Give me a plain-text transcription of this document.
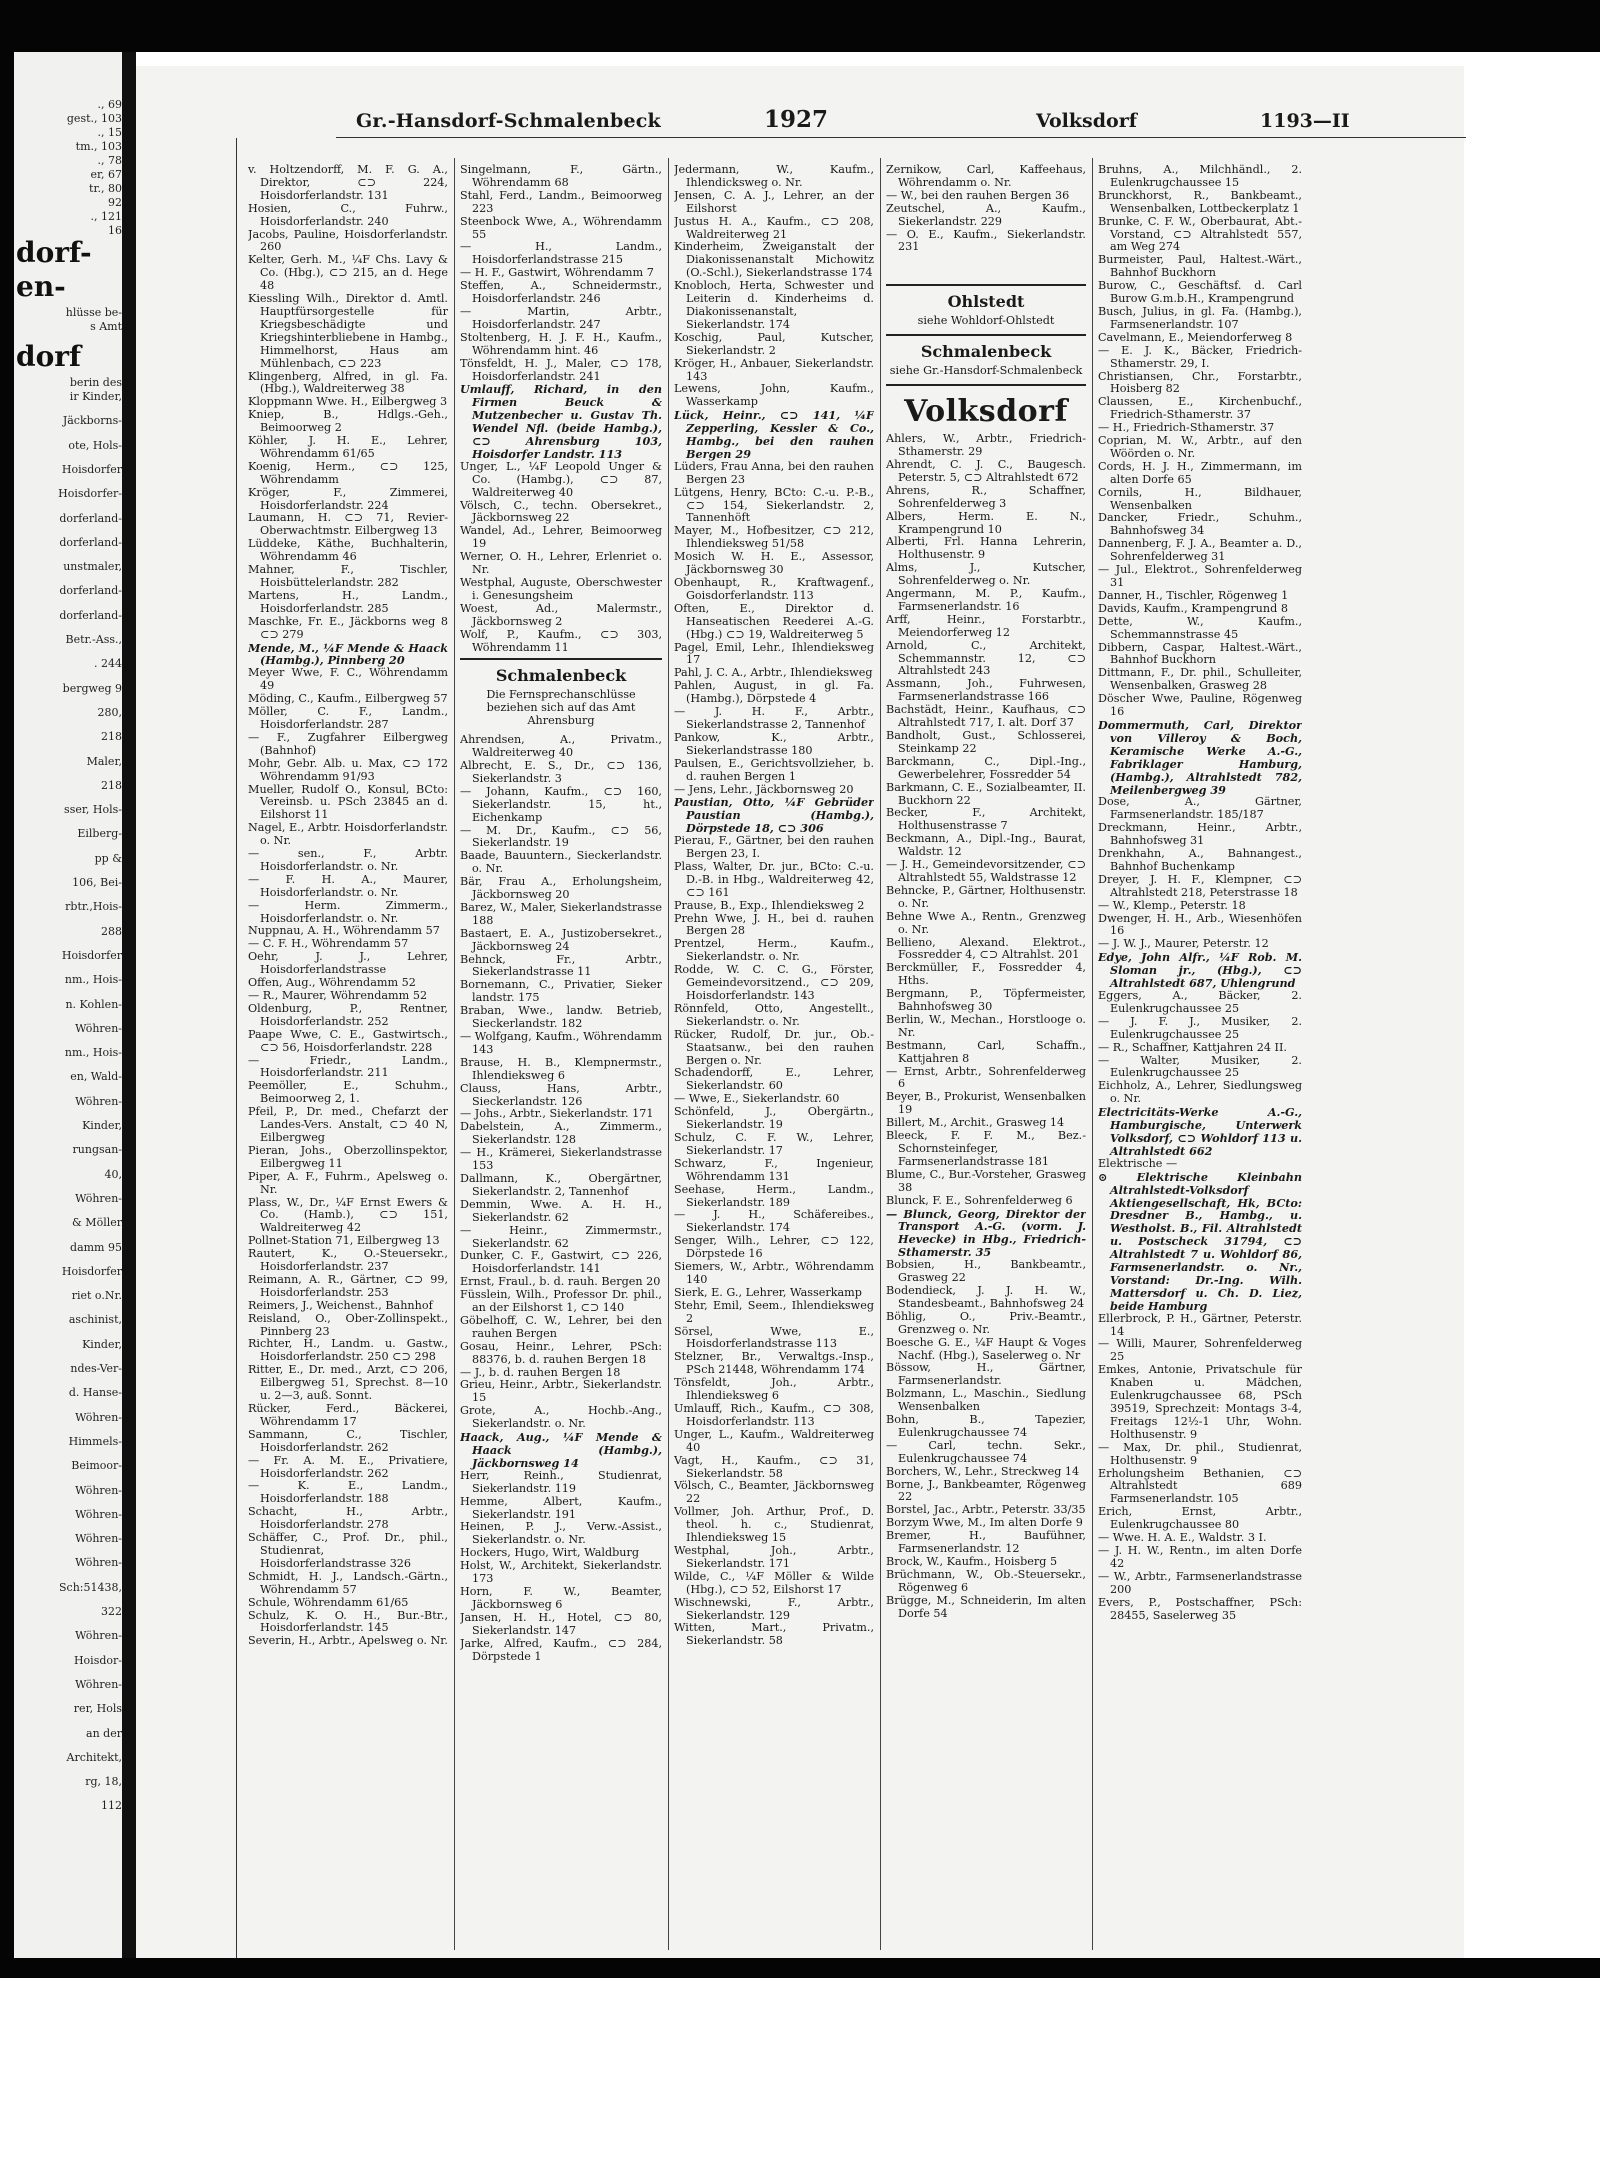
., 69
gest., 103
., 15
tm., 103
., 78
er, 67
tr., 80
92
., 121
16
dorf-
en-
hlüsse be-
s Amt
dorf
berin des
ir Kinder,
Jäckborns-
ote, Hols-
Hoisdorfer
Hoisdorfer-
dorferland-
dorferland-
unstmaler,
dorferland-
dorferland-
Betr.-Ass.,
. 244
bergweg 9
280,
218
Maler,
218
sser, Hols-
Eilberg-
pp &
106, Bei-
rbtr.,Hois-
288
Hoisdorfer
nm., Hois-
n. Kohlen-
Wöhren-
nm., Hois-
en, Wald-
Wöhren-
Kinder,
rungsan-
40,
Wöhren-
& Möller
damm 95
Hoisdorfer
riet o.Nr.
aschinist,
Kinder,
ndes-Ver-
d. Hanse-
Wöhren-
Himmels-
Beimoor-
Wöhren-
Wöhren-
Wöhren-
Wöhren-
Sch:51438,
322
Wöhren-
Hoisdor-
Wöhren-
rer, Hols
an der
Architekt,
rg, 18,
112
Gr.-Hansdorf-Schmalenbeck	1927	Volksdorf	1193—II
v. Holtzendorff, M. F. G. A., Direktor, ⊂⊃ 224, Hoisdorferlandstr. 131
Hosien, C., Fuhrw., Hoisdorferlandstr. 240
Jacobs, Pauline, Hoisdorferlandstr. 260
Kelter, Gerh. M., ¼F Chs. Lavy & Co. (Hbg.), ⊂⊃ 215, an d. Hege 48
Kiessling Wilh., Direktor d. Amtl. Hauptfürsorgestelle für Kriegsbeschädigte und Kriegshinterbliebene in Hambg., Himmelhorst, Haus am Mühlenbach, ⊂⊃ 223
Klingenberg, Alfred, in gl. Fa. (Hbg.), Waldreiterweg 38
Kloppmann Wwe. H., Eilbergweg 3
Kniep, B., Hdlgs.-Geh., Beimoorweg 2
Köhler, J. H. E., Lehrer, Wöhrendamm 61/65
Koenig, Herm., ⊂⊃ 125, Wöhrendamm
Kröger, F., Zimmerei, Hoisdorferlandstr. 224
Laumann, H. ⊂⊃ 71, Revier-Oberwachtmstr. Eilbergweg 13
Lüddeke, Käthe, Buchhalterin, Wöhrendamm 46
Mahner, F., Tischler, Hoisbüttelerlandstr. 282
Martens, H., Landm., Hoisdorferlandstr. 285
Maschke, Fr. E., Jäckborns weg 8 ⊂⊃ 279
Mende, M., ¼F Mende & Haack (Hambg.), Pinnberg 20
Meyer Wwe, F. C., Wöhrendamm 49
Möding, C., Kaufm., Eilbergweg 57
Möller, C. F., Landm., Hoisdorferlandstr. 287
— F., Zugfahrer Eilbergweg (Bahnhof)
Mohr, Gebr. Alb. u. Max, ⊂⊃ 172 Wöhrendamm 91/93
Mueller, Rudolf O., Konsul, BCto: Vereinsb. u. PSch 23845 an d. Eilshorst 11
Nagel, E., Arbtr. Hoisdorferlandstr. o. Nr.
— sen., F., Arbtr. Hoisdorferlandstr. o. Nr.
— F. H. A., Maurer, Hoisdorferlandstr. o. Nr.
— Herm. Zimmerm., Hoisdorferlandstr. o. Nr.
Nuppnau, A. H., Wöhrendamm 57
— C. F. H., Wöhrendamm 57
Oehr, J. J., Lehrer, Hoisdorferlandstrasse
Offen, Aug., Wöhrendamm 52
— R., Maurer, Wöhrendamm 52
Oldenburg, P., Rentner, Hoisdorferlandstr. 252
Paape Wwe, C. E., Gastwirtsch., ⊂⊃ 56, Hoisdorferlandstr. 228
— Friedr., Landm., Hoisdorferlandstr. 211
Peemöller, E., Schuhm., Beimoorweg 2, 1.
Pfeil, P., Dr. med., Chefarzt der Landes-Vers. Anstalt, ⊂⊃ 40 N, Eilbergweg
Pieran, Johs., Oberzollinspektor, Eilbergweg 11
Piper, A. F., Fuhrm., Apelsweg o. Nr.
Plass, W., Dr., ¼F Ernst Ewers & Co. (Hamb.), ⊂⊃ 151, Waldreiterweg 42
Pollnet-Station 71, Eilbergweg 13
Rautert, K., O.-Steuersekr., Hoisdorferlandstr. 237
Reimann, A. R., Gärtner, ⊂⊃ 99, Hoisdorferlandstr. 253
Reimers, J., Weichenst., Bahnhof
Reisland, O., Ober-Zollinspekt., Pinnberg 23
Richter, H., Landm. u. Gastw., Hoisdorferlandstr. 250 ⊂⊃ 298
Ritter, E., Dr. med., Arzt, ⊂⊃ 206, Eilbergweg 51, Sprechst. 8—10 u. 2—3, auß. Sonnt.
Rücker, Ferd., Bäckerei, Wöhrendamm 17
Sammann, C., Tischler, Hoisdorferlandstr. 262
— Fr. A. M. E., Privatiere, Hoisdorferlandstr. 262
— K. E., Landm., Hoisdorferlandstr. 188
Schacht, H., Arbtr., Hoisdorferlandstr. 278
Schäffer, C., Prof. Dr., phil., Studienrat, Hoisdorferlandstrasse 326
Schmidt, H. J., Landsch.-Gärtn., Wöhrendamm 57
Schule, Wöhrendamm 61/65
Schulz, K. O. H., Bur.-Btr., Hoisdorferlandstr. 145
Severin, H., Arbtr., Apelsweg o. Nr.
Singelmann, F., Gärtn., Wöhrendamm 68
Stahl, Ferd., Landm., Beimoorweg 223
Steenbock Wwe, A., Wöhrendamm 55
— H., Landm., Hoisdorferlandstrasse 215
— H. F., Gastwirt, Wöhrendamm 7
Steffen, A., Schneidermstr., Hoisdorferlandstr. 246
— Martin, Arbtr., Hoisdorferlandstr. 247
Stoltenberg, H. J. F. H., Kaufm., Wöhrendamm hint. 46
Tönsfeldt, H. J., Maler, ⊂⊃ 178, Hoisdorferlandstr. 241
Umlauff, Richard, in den Firmen Beuck & Mutzenbecher u. Gustav Th. Wendel Nfl. (beide Hambg.), ⊂⊃ Ahrensburg 103, Hoisdorfer Landstr. 113
Unger, L., ¼F Leopold Unger & Co. (Hambg.), ⊂⊃ 87, Waldreiterweg 40
Völsch, C., techn. Obersekret., Jäckbornsweg 22
Wandel, Ad., Lehrer, Beimoorweg 19
Werner, O. H., Lehrer, Erlenriet o. Nr.
Westphal, Auguste, Oberschwester i. Genesungsheim
Woest, Ad., Malermstr., Jäckbornsweg 2
Wolf, P., Kaufm., ⊂⊃ 303, Wöhrendamm 11
Schmalenbeck
Die Fernsprechanschlüsse beziehen sich auf das Amt Ahrensburg
Ahrendsen, A., Privatm., Waldreiterweg 40
Albrecht, E. S., Dr., ⊂⊃ 136, Siekerlandstr. 3
— Johann, Kaufm., ⊂⊃ 160, Siekerlandstr. 15, ht., Eichenkamp
— M. Dr., Kaufm., ⊂⊃ 56, Siekerlandstr. 19
Baade, Bauuntern., Sieckerlandstr. o. Nr.
Bär, Frau A., Erholungsheim, Jäckbornsweg 20
Barez, W., Maler, Siekerlandstrasse 188
Bastaert, E. A., Justizobersekret., Jäckbornsweg 24
Behnck, Fr., Arbtr., Siekerlandstrasse 11
Bornemann, C., Privatier, Sieker landstr. 175
Braban, Wwe., landw. Betrieb, Sieckerlandstr. 182
— Wolfgang, Kaufm., Wöhrendamm 143
Brause, H. B., Klempnermstr., Ihlendieksweg 6
Clauss, Hans, Arbtr., Sieckerlandstr. 126
— Johs., Arbtr., Siekerlandstr. 171
Dabelstein, A., Zimmerm., Siekerlandstr. 128
— H., Krämerei, Siekerlandstrasse 153
Dallmann, K., Obergärtner, Siekerlandstr. 2, Tannenhof
Demmin, Wwe. A. H. H., Siekerlandstr. 62
— Heinr., Zimmermstr., Siekerlandstr. 62
Dunker, C. F., Gastwirt, ⊂⊃ 226, Hoisdorferlandstr. 141
Ernst, Fraul., b. d. rauh. Bergen 20
Füsslein, Wilh., Professor Dr. phil., an der Eilshorst 1, ⊂⊃ 140
Göbelhoff, C. W., Lehrer, bei den rauhen Bergen
Gosau, Heinr., Lehrer, PSch: 88376, b. d. rauhen Bergen 18
— J., b. d. rauhen Bergen 18
Grieu, Heinr., Arbtr., Siekerlandstr. 15
Grote, A., Hochb.-Ang., Siekerlandstr. o. Nr.
Haack, Aug., ¼F Mende & Haack (Hambg.), Jäckbornsweg 14
Herr, Reinh., Studienrat, Siekerlandstr. 119
Hemme, Albert, Kaufm., Siekerlandstr. 191
Heinen, P. J., Verw.-Assist., Siekerlandstr. o. Nr.
Hockers, Hugo, Wirt, Waldburg
Holst, W., Architekt, Siekerlandstr. 173
Horn, F. W., Beamter, Jäckbornsweg 6
Jansen, H. H., Hotel, ⊂⊃ 80, Siekerlandstr. 147
Jarke, Alfred, Kaufm., ⊂⊃ 284, Dörpstede 1
Jedermann, W., Kaufm., Ihlendicksweg o. Nr.
Jensen, C. A. J., Lehrer, an der Eilshorst
Justus H. A., Kaufm., ⊂⊃ 208, Waldreiterweg 21
Kinderheim, Zweiganstalt der Diakonissenanstalt Michowitz (O.-Schl.), Siekerlandstrasse 174
Knobloch, Herta, Schwester und Leiterin d. Kinderheims d. Diakonissenanstalt, Siekerlandstr. 174
Koschig, Paul, Kutscher, Siekerlandstr. 2
Kröger, H., Anbauer, Siekerlandstr. 143
Lewens, John, Kaufm., Wasserkamp
Lück, Heinr., ⊂⊃ 141, ¼F Zepperling, Kessler & Co., Hambg., bei den rauhen Bergen 29
Lüders, Frau Anna, bei den rauhen Bergen 23
Lütgens, Henry, BCto: C.-u. P.-B., ⊂⊃ 154, Siekerlandstr. 2, Tannenhöft
Mayer, M., Hofbesitzer, ⊂⊃ 212, Ihlendieksweg 51/58
Mosich W. H. E., Assessor, Jäckbornsweg 30
Obenhaupt, R., Kraftwagenf., Goisdorferlandstr. 113
Often, E., Direktor d. Hanseatischen Reederei A.-G. (Hbg.) ⊂⊃ 19, Waldreiterweg 5
Pagel, Emil, Lehr., Ihlendieksweg 17
Pahl, J. C. A., Arbtr., Ihlendieksweg
Pahlen, August, in gl. Fa. (Hambg.), Dörpstede 4
— J. H. F., Arbtr., Siekerlandstrasse 2, Tannenhof
Pankow, K., Arbtr., Siekerlandstrasse 180
Paulsen, E., Gerichtsvollzieher, b. d. rauhen Bergen 1
— Jens, Lehr., Jäckbornsweg 20
Paustian, Otto, ¼F Gebrüder Paustian (Hambg.), Dörpstede 18, ⊂⊃ 306
Pierau, F., Gärtner, bei den rauhen Bergen 23, I.
Plass, Walter, Dr. jur., BCto: C.-u. D.-B. in Hbg., Waldreiterweg 42, ⊂⊃ 161
Prause, B., Exp., Ihlendieksweg 2
Prehn Wwe, J. H., bei d. rauhen Bergen 28
Prentzel, Herm., Kaufm., Siekerlandstr. o. Nr.
Rodde, W. C. C. G., Förster, Gemeindevorsitzend., ⊂⊃ 209, Hoisdorferlandstr. 143
Rönnfeld, Otto, Angestellt., Siekerlandstr. o. Nr.
Rücker, Rudolf, Dr. jur., Ob.-Staatsanw., bei den rauhen Bergen o. Nr.
Schadendorff, E., Lehrer, Siekerlandstr. 60
— Wwe, E., Siekerlandstr. 60
Schönfeld, J., Obergärtn., Siekerlandstr. 19
Schulz, C. F. W., Lehrer, Siekerlandstr. 17
Schwarz, F., Ingenieur, Wöhrendamm 131
Seehase, Herm., Landm., Siekerlandstr. 189
— J. H., Schäfereibes., Siekerlandstr. 174
Senger, Wilh., Lehrer, ⊂⊃ 122, Dörpstede 16
Siemers, W., Arbtr., Wöhrendamm 140
Sierk, E. G., Lehrer, Wasserkamp
Stehr, Emil, Seem., Ihlendieksweg 2
Sörsel, Wwe, E., Hoisdorferlandstrasse 113
Stelzner, Br., Verwaltgs.-Insp., PSch 21448, Wöhrendamm 174
Tönsfeldt, Joh., Arbtr., Ihlendieksweg 6
Umlauff, Rich., Kaufm., ⊂⊃ 308, Hoisdorferlandstr. 113
Unger, L., Kaufm., Waldreiterweg 40
Vagt, H., Kaufm., ⊂⊃ 31, Siekerlandstr. 58
Völsch, C., Beamter, Jäckbornsweg 22
Vollmer, Joh. Arthur, Prof., D. theol. h. c., Studienrat, Ihlendieksweg 15
Westphal, Joh., Arbtr., Siekerlandstr. 171
Wilde, C., ¼F Möller & Wilde (Hbg.), ⊂⊃ 52, Eilshorst 17
Wischnewski, F., Arbtr., Siekerlandstr. 129
Witten, Mart., Privatm., Siekerlandstr. 58
Zernikow, Carl, Kaffeehaus, Wöhrendamm o. Nr.
— W., bei den rauhen Bergen 36
Zeutschel, A., Kaufm., Siekerlandstr. 229
— O. E., Kaufm., Siekerlandstr. 231
Ohlstedt
siehe Wohldorf-Ohlstedt
Schmalenbeck
siehe Gr.-Hansdorf-Schmalenbeck
Volksdorf
Ahlers, W., Arbtr., Friedrich-Sthamerstr. 29
Ahrendt, C. J. C., Baugesch. Peterstr. 5, ⊂⊃ Altrahlstedt 672
Ahrens, R., Schaffner, Sohrenfelderweg 3
Albers, Herm. E. N., Krampengrund 10
Alberti, Frl. Hanna Lehrerin, Holthusenstr. 9
Alms, J., Kutscher, Sohrenfelderweg o. Nr.
Angermann, M. P., Kaufm., Farmsenerlandstr. 16
Arff, Heinr., Forstarbtr., Meiendorferweg 12
Arnold, C., Architekt, Schemmannstr. 12, ⊂⊃ Altrahlstedt 243
Assmann, Joh., Fuhrwesen, Farmsenerlandstrasse 166
Bachstädt, Heinr., Kaufhaus, ⊂⊃ Altrahlstedt 717, I. alt. Dorf 37
Bandholt, Gust., Schlosserei, Steinkamp 22
Barckmann, C., Dipl.-Ing., Gewerbelehrer, Fossredder 54
Barkmann, C. E., Sozialbeamter, II. Buckhorn 22
Becker, F., Architekt, Holthusenstrasse 7
Beckmann, A., Dipl.-Ing., Baurat, Waldstr. 12
— J. H., Gemeindevorsitzender, ⊂⊃ Altrahlstedt 55, Waldstrasse 12
Behncke, P., Gärtner, Holthusenstr. o. Nr.
Behne Wwe A., Rentn., Grenzweg o. Nr.
Bellieno, Alexand. Elektrot., Fossredder 4, ⊂⊃ Altrahlst. 201
Berckmüller, F., Fossredder 4, Hths.
Bergmann, P., Töpfermeister, Bahnhofsweg 30
Berlin, W., Mechan., Horstlooge o. Nr.
Bestmann, Carl, Schaffn., Kattjahren 8
— Ernst, Arbtr., Sohrenfelderweg 6
Beyer, B., Prokurist, Wensenbalken 19
Billert, M., Archit., Grasweg 14
Bleeck, F. F. M., Bez.-Schornsteinfeger, Farmsenerlandstrasse 181
Blume, C., Bur.-Vorsteher, Grasweg 38
Blunck, F. E., Sohrenfelderweg 6
— Blunck, Georg, Direktor der Transport A.-G. (vorm. J. Hevecke) in Hbg., Friedrich-Sthamerstr. 35
Bobsien, H., Bankbeamtr., Grasweg 22
Bodendieck, J. J. H. W., Standesbeamt., Bahnhofsweg 24
Böhlig, O., Priv.-Beamtr., Grenzweg o. Nr.
Boesche G. E., ¼F Haupt & Voges Nachf. (Hbg.), Saselerweg o. Nr
Bössow, H., Gärtner, Farmsenerlandstr.
Bolzmann, L., Maschin., Siedlung Wensenbalken
Bohn, B., Tapezier, Eulenkrugchaussee 74
— Carl, techn. Sekr., Eulenkrugchaussee 74
Borchers, W., Lehr., Streckweg 14
Borne, J., Bankbeamter, Rögenweg 22
Borstel, Jac., Arbtr., Peterstr. 33/35
Borzym Wwe, M., Im alten Dorfe 9
Bremer, H., Baufühner, Farmsenerlandstr. 12
Brock, W., Kaufm., Hoisberg 5
Brüchmann, W., Ob.-Steuersekr., Rögenweg 6
Brügge, M., Schneiderin, Im alten Dorfe 54
Bruhns, A., Milchhändl., 2. Eulenkrugchaussee 15
Brunckhorst, R., Bankbeamt., Wensenbalken, Lottbeckerplatz 1
Brunke, C. F. W., Oberbaurat, Abt.-Vorstand, ⊂⊃ Altrahlstedt 557, am Weg 274
Burmeister, Paul, Haltest.-Wärt., Bahnhof Buckhorn
Burow, C., Geschäftsf. d. Carl Burow G.m.b.H., Krampengrund
Busch, Julius, in gl. Fa. (Hambg.), Farmsenerlandstr. 107
Cavelmann, E., Meiendorferweg 8
— E. J. K., Bäcker, Friedrich-Sthamerstr. 29, I.
Christiansen, Chr., Forstarbtr., Hoisberg 82
Claussen, E., Kirchenbuchf., Friedrich-Sthamerstr. 37
— H., Friedrich-Sthamerstr. 37
Coprian, M. W., Arbtr., auf den Wöörden o. Nr.
Cords, H. J. H., Zimmermann, im alten Dorfe 65
Cornils, H., Bildhauer, Wensenbalken
Dancker, Friedr., Schuhm., Bahnhofsweg 34
Dannenberg, F. J. A., Beamter a. D., Sohrenfelderweg 31
— Jul., Elektrot., Sohrenfelderweg 31
Danner, H., Tischler, Rögenweg 1
Davids, Kaufm., Krampengrund 8
Dette, W., Kaufm., Schemmannstrasse 45
Dibbern, Caspar, Haltest.-Wärt., Bahnhof Buckhorn
Dittmann, F., Dr. phil., Schulleiter, Wensenbalken, Grasweg 28
Döscher Wwe, Pauline, Rögenweg 16
Dommermuth, Carl, Direktor von Villeroy & Boch, Keramische Werke A.-G., Fabriklager Hamburg, (Hambg.), Altrahlstedt 782, Meilenbergweg 39
Dose, A., Gärtner, Farmsenerlandstr. 185/187
Dreckmann, Heinr., Arbtr., Bahnhofsweg 31
Drenkhahn, A., Bahnangest., Bahnhof Buchenkamp
Dreyer, J. H. F., Klempner, ⊂⊃ Altrahlstedt 218, Peterstrasse 18
— W., Klemp., Peterstr. 18
Dwenger, H. H., Arb., Wiesenhöfen 16
— J. W. J., Maurer, Peterstr. 12
Edye, John Alfr., ¼F Rob. M. Sloman jr., (Hbg.), ⊂⊃ Altrahlstedt 687, Uhlengrund
Eggers, A., Bäcker, 2. Eulenkrugchaussee 25
— J. F. J., Musiker, 2. Eulenkrugchaussee 25
— R., Schaffner, Kattjahren 24 II.
— Walter, Musiker, 2. Eulenkrugchaussee 25
Eichholz, A., Lehrer, Siedlungsweg o. Nr.
Electricitäts-Werke A.-G., Hamburgische, Unterwerk Volksdorf, ⊂⊃ Wohldorf 113 u. Altrahlstedt 662
Elektrische —
⊙ Elektrische Kleinbahn Altrahlstedt-Volksdorf Aktiengesellschaft, Hk, BCto: Dresdner B., Hambg., u. Westholst. B., Fil. Altrahlstedt u. Postscheck 31794, ⊂⊃ Altrahlstedt 7 u. Wohldorf 86, Farmsenerlandstr. o. Nr., Vorstand: Dr.-Ing. Wilh. Mattersdorf u. Ch. D. Liez, beide Hamburg
Ellerbrock, P. H., Gärtner, Peterstr. 14
— Willi, Maurer, Sohrenfelderweg 25
Emkes, Antonie, Privatschule für Knaben u. Mädchen, Eulenkrugchaussee 68, PSch 39519, Sprechzeit: Montags 3-4, Freitags 12½-1 Uhr, Wohn. Holthusenstr. 9
— Max, Dr. phil., Studienrat, Holthusenstr. 9
Erholungsheim Bethanien, ⊂⊃ Altrahlstedt 689 Farmsenerlandstr. 105
Erich, Ernst, Arbtr., Eulenkrugchaussee 80
— Wwe. H. A. E., Waldstr. 3 I.
— J. H. W., Rentn., im alten Dorfe 42
— W., Arbtr., Farmsenerlandstrasse 200
Evers, P., Postschaffner, PSch: 28455, Saselerweg 35
